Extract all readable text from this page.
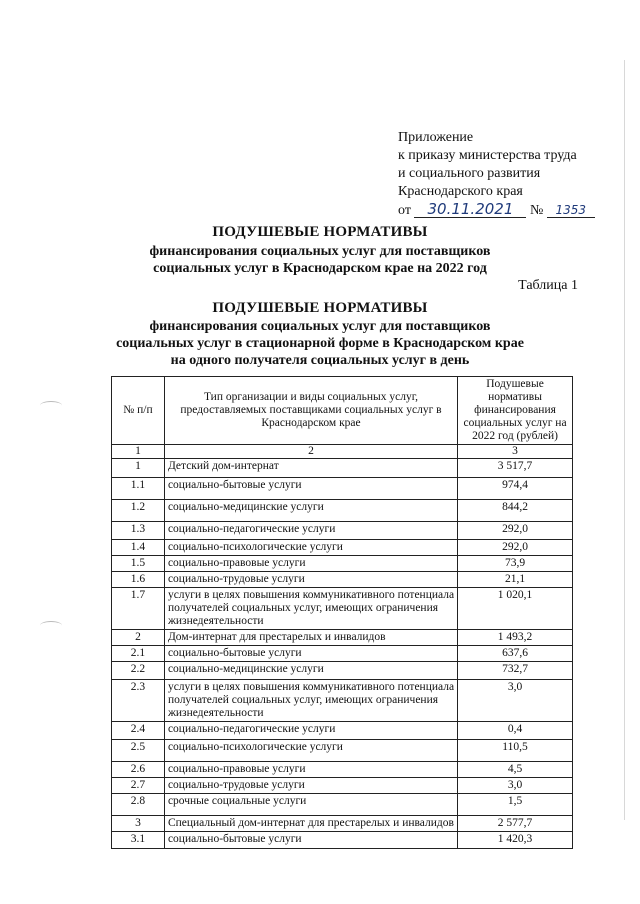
Приложение
к приказу министерства труда
и социального развития
Краснодарского края
от 30.11.2021 № 1353
ПОДУШЕВЫЕ НОРМАТИВЫ
финансирования социальных услуг для поставщиков
социальных услуг в Краснодарском крае на 2022 год
Таблица 1
ПОДУШЕВЫЕ НОРМАТИВЫ
финансирования социальных услуг для поставщиков
социальных услуг в стационарной форме в Краснодарском крае
на одного получателя социальных услуг в день
№ п/п	Тип организации и виды социальных услуг, предоставляемых поставщиками социальных услуг в Краснодарском крае	Подушевые нормативы финансирования социальных услуг на 2022 год (рублей)
1	2	3
1	Детский дом-интернат	3 517,7
1.1	социально-бытовые услуги	974,4
1.2	социально-медицинские услуги	844,2
1.3	социально-педагогические услуги	292,0
1.4	социально-психологические услуги	292,0
1.5	социально-правовые услуги	73,9
1.6	социально-трудовые услуги	21,1
1.7	услуги в целях повышения коммуникативного потенциала получателей социальных услуг, имеющих ограничения жизнедеятельности	1 020,1
2	Дом-интернат для престарелых и инвалидов	1 493,2
2.1	социально-бытовые услуги	637,6
2.2	социально-медицинские услуги	732,7
2.3	услуги в целях повышения коммуникативного потенциала получателей социальных услуг, имеющих ограничения жизнедеятельности	3,0
2.4	социально-педагогические услуги	0,4
2.5	социально-психологические услуги	110,5
2.6	социально-правовые услуги	4,5
2.7	социально-трудовые услуги	3,0
2.8	срочные социальные услуги	1,5
3	Специальный дом-интернат для престарелых и инвалидов	2 577,7
3.1	социально-бытовые услуги	1 420,3
